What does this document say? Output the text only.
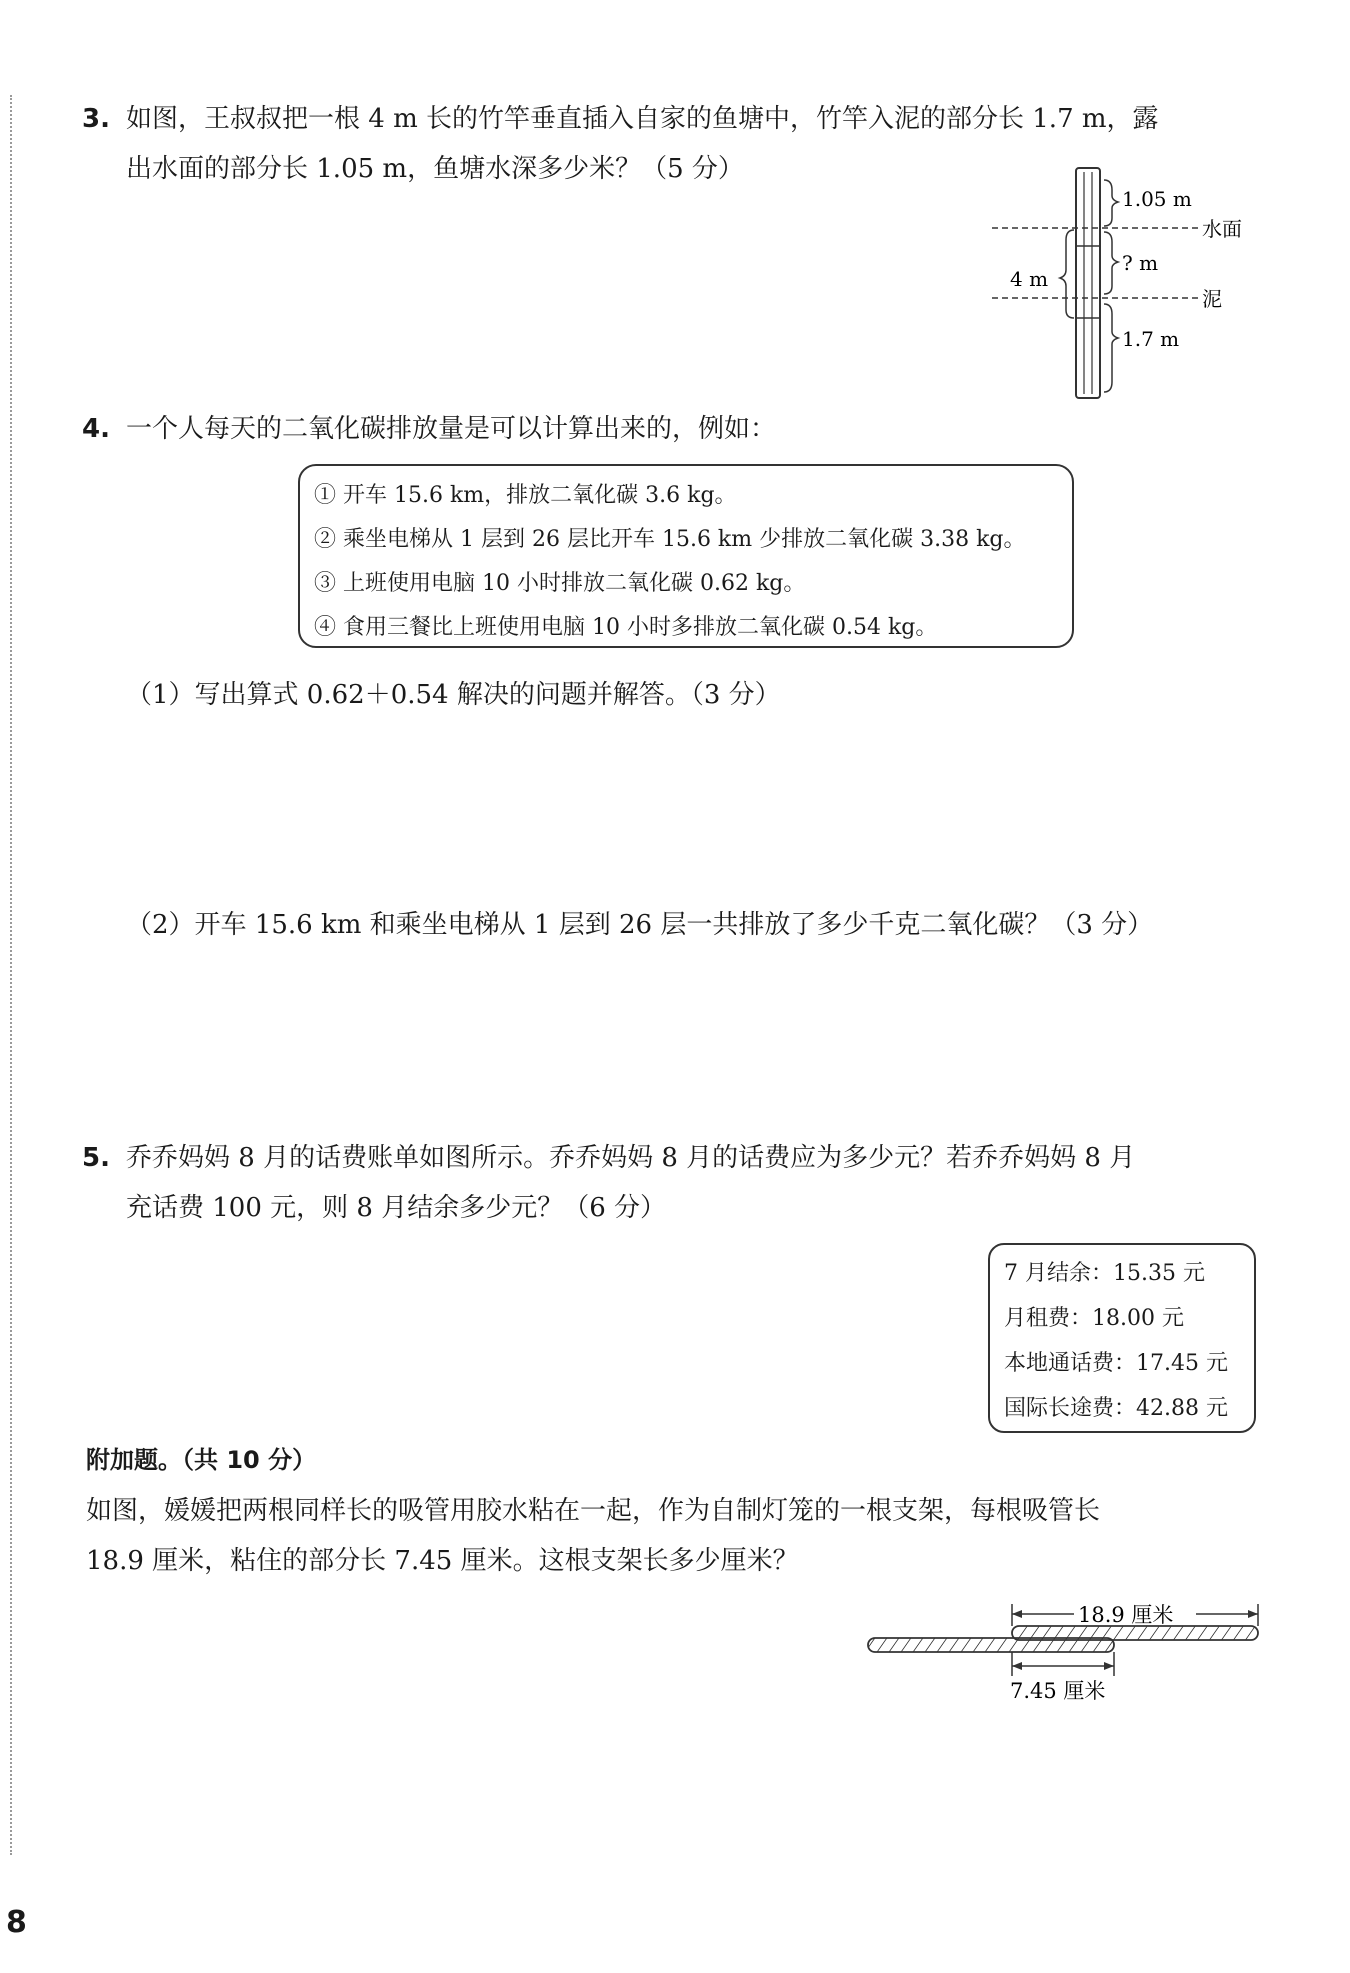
3. 如图，王叔叔把一根 4 m 长的竹竿垂直插入自家的鱼塘中，竹竿入泥的部分长 1.7 m，露
出水面的部分长 1.05 m，鱼塘水深多少米？（5 分）
水面
泥
1.05 m
? m
1.7 m
4 m
4. 一个人每天的二氧化碳排放量是可以计算出来的，例如：
① 开车 15.6 km，排放二氧化碳 3.6 kg。
② 乘坐电梯从 1 层到 26 层比开车 15.6 km 少排放二氧化碳 3.38 kg。
③ 上班使用电脑 10 小时排放二氧化碳 0.62 kg。
④ 食用三餐比上班使用电脑 10 小时多排放二氧化碳 0.54 kg。
（1）写出算式 0.62＋0.54 解决的问题并解答。（3 分）
（2）开车 15.6 km 和乘坐电梯从 1 层到 26 层一共排放了多少千克二氧化碳？（3 分）
5. 乔乔妈妈 8 月的话费账单如图所示。乔乔妈妈 8 月的话费应为多少元？若乔乔妈妈 8 月
充话费 100 元，则 8 月结余多少元？（6 分）
7 月结余：15.35 元
月租费：18.00 元
本地通话费：17.45 元
国际长途费：42.88 元
附加题。（共 10 分）
如图，媛媛把两根同样长的吸管用胶水粘在一起，作为自制灯笼的一根支架，每根吸管长
18.9 厘米，粘住的部分长 7.45 厘米。这根支架长多少厘米？
18.9 厘米
7.45 厘米
8
